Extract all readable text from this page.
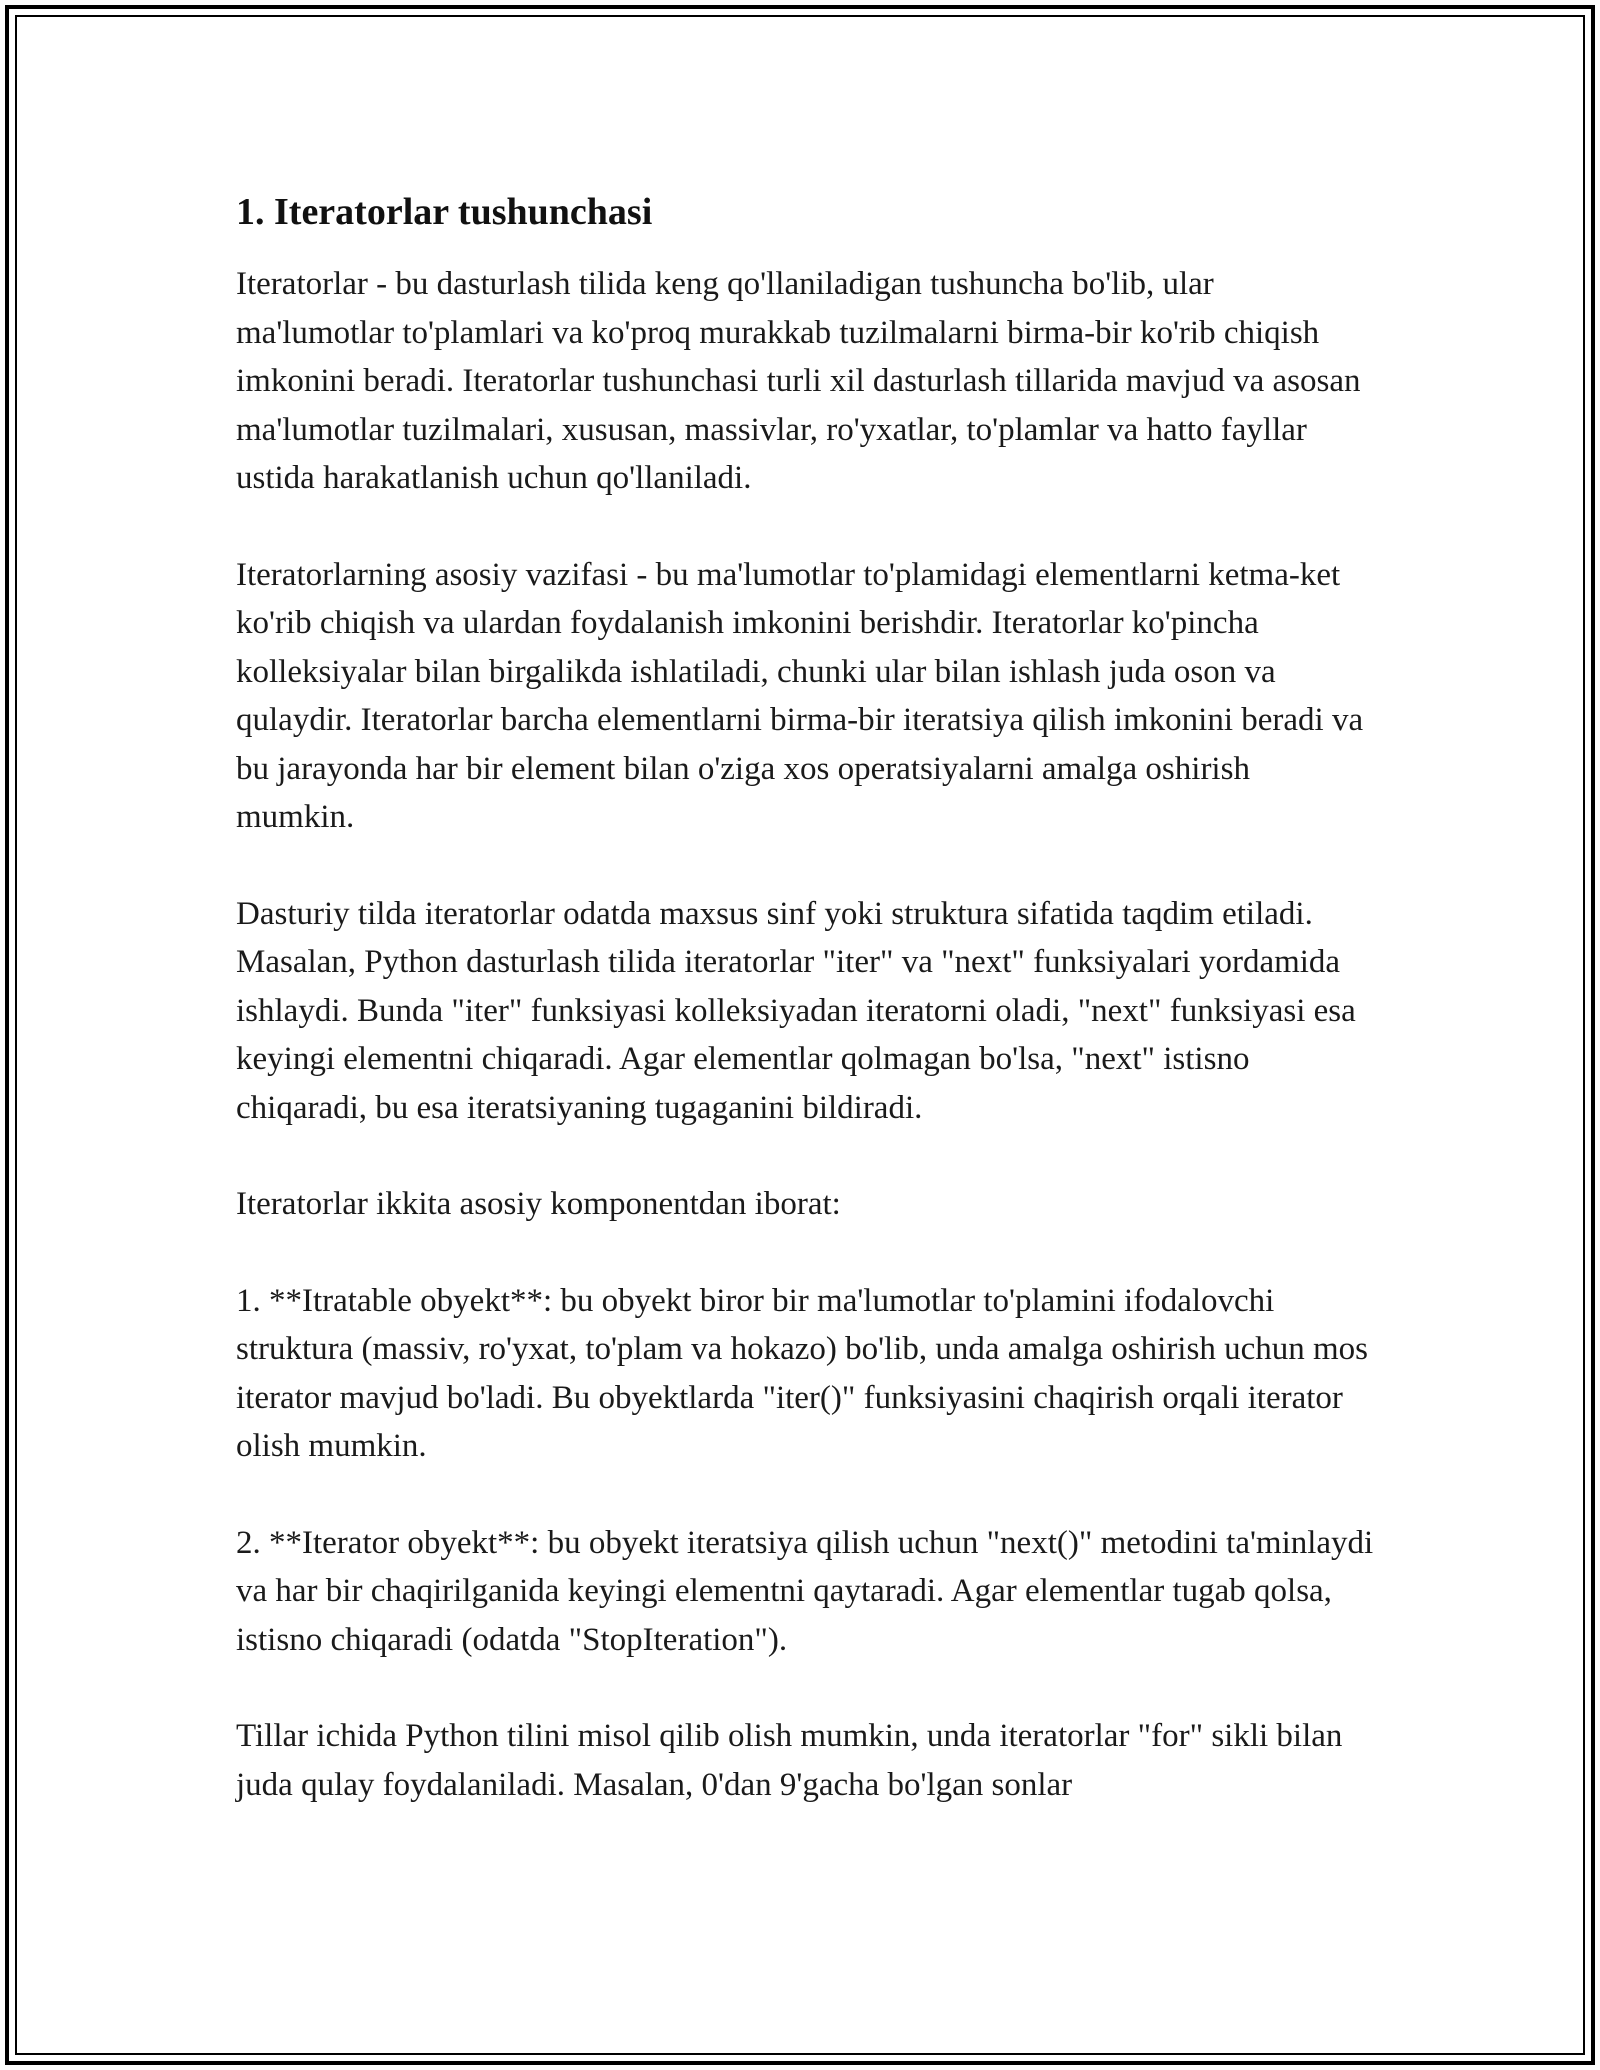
1. Iteratorlar tushunchasi

Iteratorlar - bu dasturlash tilida keng qo'llaniladigan tushuncha bo'lib, ular ma'lumotlar to'plamlari va ko'proq murakkab tuzilmalarni birma-bir ko'rib chiqish imkonini beradi. Iteratorlar tushunchasi turli xil dasturlash tillarida mavjud va asosan ma'lumotlar tuzilmalari, xususan, massivlar, ro'yxatlar, to'plamlar va hatto fayllar ustida harakatlanish uchun qo'llaniladi.

Iteratorlarning asosiy vazifasi - bu ma'lumotlar to'plamidagi elementlarni ketma-ket ko'rib chiqish va ulardan foydalanish imkonini berishdir. Iteratorlar ko'pincha kolleksiyalar bilan birgalikda ishlatiladi, chunki ular bilan ishlash juda oson va qulaydir. Iteratorlar barcha elementlarni birma-bir iteratsiya qilish imkonini beradi va bu jarayonda har bir element bilan o'ziga xos operatsiyalarni amalga oshirish mumkin.

Dasturiy tilda iteratorlar odatda maxsus sinf yoki struktura sifatida taqdim etiladi. Masalan, Python dasturlash tilida iteratorlar "iter" va "next" funksiyalari yordamida ishlaydi. Bunda "iter" funksiyasi kolleksiyadan iteratorni oladi, "next" funksiyasi esa keyingi elementni chiqaradi. Agar elementlar qolmagan bo'lsa, "next" istisno chiqaradi, bu esa iteratsiyaning tugaganini bildiradi.

Iteratorlar ikkita asosiy komponentdan iborat:

1. **Itratable obyekt**: bu obyekt biror bir ma'lumotlar to'plamini ifodalovchi struktura (massiv, ro'yxat, to'plam va hokazo) bo'lib, unda amalga oshirish uchun mos iterator mavjud bo'ladi. Bu obyektlarda "iter()" funksiyasini chaqirish orqali iterator olish mumkin.

2. **Iterator obyekt**: bu obyekt iteratsiya qilish uchun "next()" metodini ta'minlaydi va har bir chaqirilganida keyingi elementni qaytaradi. Agar elementlar tugab qolsa, istisno chiqaradi (odatda "StopIteration").

Tillar ichida Python tilini misol qilib olish mumkin, unda iteratorlar "for" sikli bilan juda qulay foydalaniladi. Masalan, 0'dan 9'gacha bo'lgan sonlar
